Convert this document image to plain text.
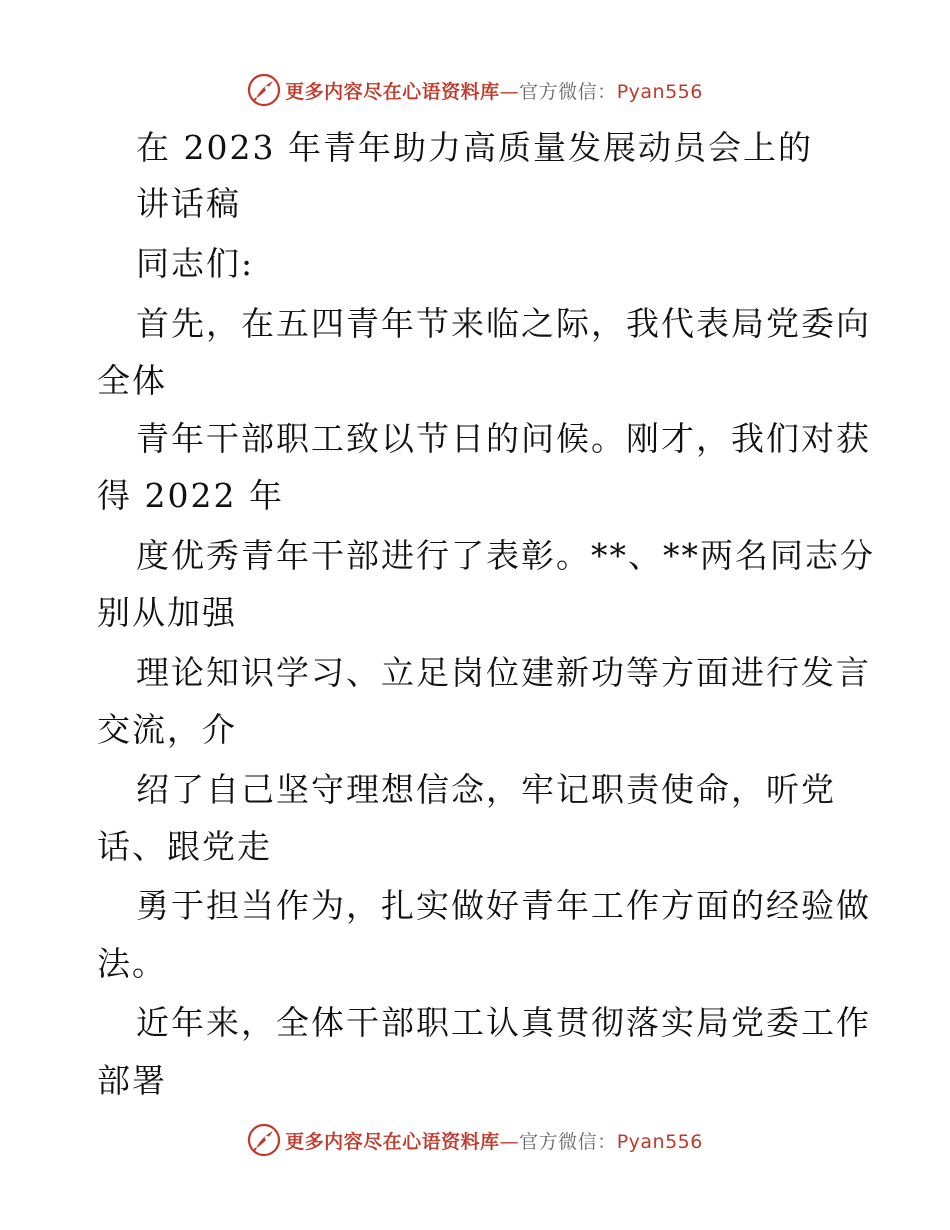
更多内容尽在心语资料库—官方微信：Pyan556
在 2023 年青年助力高质量发展动员会上的
讲话稿
同志们:
首先，在五四青年节来临之际，我代表局党委向
全体
青年干部职工致以节日的问候。刚才，我们对获
得 2022 年
度优秀青年干部进行了表彰。**、**两名同志分
别从加强
理论知识学习、立足岗位建新功等方面进行发言
交流，介
绍了自己坚守理想信念，牢记职责使命，听党
话、跟党走
勇于担当作为，扎实做好青年工作方面的经验做
法。
近年来，全体干部职工认真贯彻落实局党委工作
部署
更多内容尽在心语资料库—官方微信：Pyan556
